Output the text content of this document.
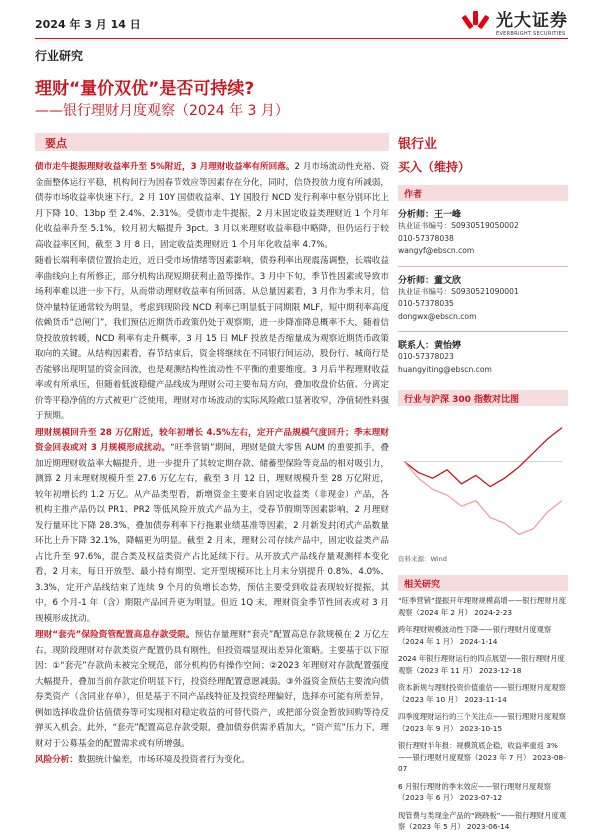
2024 年 3 月 14 日	光大证券
EVERBRIGHT SECURITIES
行业研究
理财“量价双优”是否可持续?
——银行理财月度观察（2024 年 3 月）
要点

债市走牛提振理财收益率升至 5%附近，3 月理财收益率有所回落。2 月市场流动性充裕、资金面整体运行平稳，机构间行为因春节效应等因素存在分化，同时，信贷投放力度有所减弱，债券市场收益率快速下行。2 月 10Y 国债收益率、1Y 国股行 NCD 发行利率中枢分别环比上月下降 10、13bp 至 2.4%、2.31%。受债市走牛提振，2 月末固定收益类理财近 1 个月年化收益率升至 5.1%，较月初大幅提升 3pct。3 月以来理财收益率稳中略降，但仍运行于较高收益率区间，截至 3 月 8 日，固定收益类理财近 1 个月年化收益率 4.7%。

随着长端利率债位置抬走近，近日受市场情绪等因素影响，债券利率出现震荡调整，长端收益率曲线向上有所修正，部分机构出现短期获利止盈等操作。3 月中下旬，季节性因素或导致市场利率难以进一步下行，从而带动理财收益率有所回落。从总量因素看，3 月作为季末月，信贷冲量特征通常较为明显，考虑到现阶段 NCD 利率已明显低于同期限 MLF，短中期利率高度依赖货币“总闸门”，我们预估近期货币政策仍处于观察期，进一步降准降息概率不大，随着信贷投放放转暖，NCD 利率有走升概率，3 月 15 日 MLF 投放是否缩量成为观察近期货币政策取向的关键。从结构因素看，春节结束后，资金将继续在不同银行间运动，股份行、城商行是否能够出现明显的资金回流，也是观测结构性流动性不平衡的重要维度。3 月后半程理财收益率或有所承压，但随着低波稳健产品线成为理财公司主要布局方向，叠加收盘价估值、分离定价等平稳净值的方式被更广泛使用，理财对市场波动的实际风险敞口显著收窄，净值韧性料强于预期。

理财规模回升至 28 万亿附近，较年初增长 4.5%左右，定开产品规模气度回升；季末理财资金回表或对 3 月规模形成扰动。“旺季营销”期间，理财是做大零售 AUM 的重要抓手，叠加近期理财收益率大幅提升，进一步提升了其较定期存款、储蓄型保险等竞品的相对吸引力，测算 2 月末理财规模升至 27.6 万亿左右，截至 3 月 12 日，理财规模升至 28 万亿附近，较年初增长约 1.2 万亿。从产品类型看，新增资金主要来自固定收益类（非现金）产品，各机构主推产品仍以 PR1、PR2 等低风险开放式产品为主，受春节假期等因素影响，2 月理财发行量环比下降 28.3%，叠加债券利率下行拖累业绩基准等因素，2 月新发封闭式产品数量环比上升下降 32.1%，降幅更为明显。截至 2 月末，理财公司存续产品中，固定收益类产品占比升至 97.6%，混合类及权益类资产占比延续下行。从开放式产品线存量观测样本变化看，2 月末，每日开放型、最小持有期型、定开型规模环比上月末分别提升 0.8%、4.0%、3.3%，定开产品线结束了连续 9 个月的负增长态势，预估主要受到收益表现较好提振，其中，6 个月-1 年（含）期限产品回升更为明显。但近 1Q 末，理财资金季节性回表或对 3 月规模形成扰动。

理财“套壳”保险资管配置高息存款受限。预估存量理财“套壳”配置高息存款规模在 2 万亿左右，现阶段理财对存款类资产配置仍具有刚性，但投资端显现出差异化策略。主要基于以下原因：①“套壳”存款尚未被完全规范，部分机构仍有操作空间；②2023 年理财对存款配置强度大幅提升，叠加当前存款定价明显下行，投资经理配置意愿减弱。③外溢资金预估主要流向债券类资产（含同业存单），但是基于不同产品线特征及投资经理偏好，选择亦可能有所差异，例如选择收盘价估值债券等可实现相对稳定收益的可替代资产，或把部分资金暂放回购等待反弹买入机会。此外，“套壳”配置高息存款受限，叠加债券供需矛盾加大，“资产荒”压力下，理财对于公募基金的配置需求或有所增强。

风险分析：数据统计偏差，市场环境及投资者行为变化。

银行业
买入（维持）
作者
分析师：王一峰
执业证书编号：S0930519050002
010-57378038
wangyf@ebscn.com
分析师：董文欣
执业证书编号：S0930521090001
010-57378035
dongwx@ebscn.com
联系人：黄怡婷
010-57378023
huangyiting@ebscn.com
行业与沪深 300 指数对比图
资料来源：Wind
相关研究
“旺季营销”提振开年理财规模高增——银行理财月度观察（2024 年 2 月） 2024-2-23
跨年理财规模波动性下降——银行理财月度观察（2024 年 1 月） 2024-1-14
2024 年银行理财运行的四点展望——银行理财月度观察（2023 年 11 月） 2023-12-18
资本新规与理财投资价值重估——银行理财月度观察（2023 年 10 月） 2023-11-14
四季度理财运行的三个关注点——银行理财月度观察（2023 年 9 月） 2023-10-15
银行理财半年报：规模筑底企稳，收益率重返 3%——银行理财月度观察（2023 年 7 月） 2023-08-07
6 月银行理财的季末效应——银行理财月度观察（2023 年 6 月） 2023-07-12
现管费与类现金产品的“跷跷板”——银行理财月度观察（2023 年 5 月） 2023-06-14
